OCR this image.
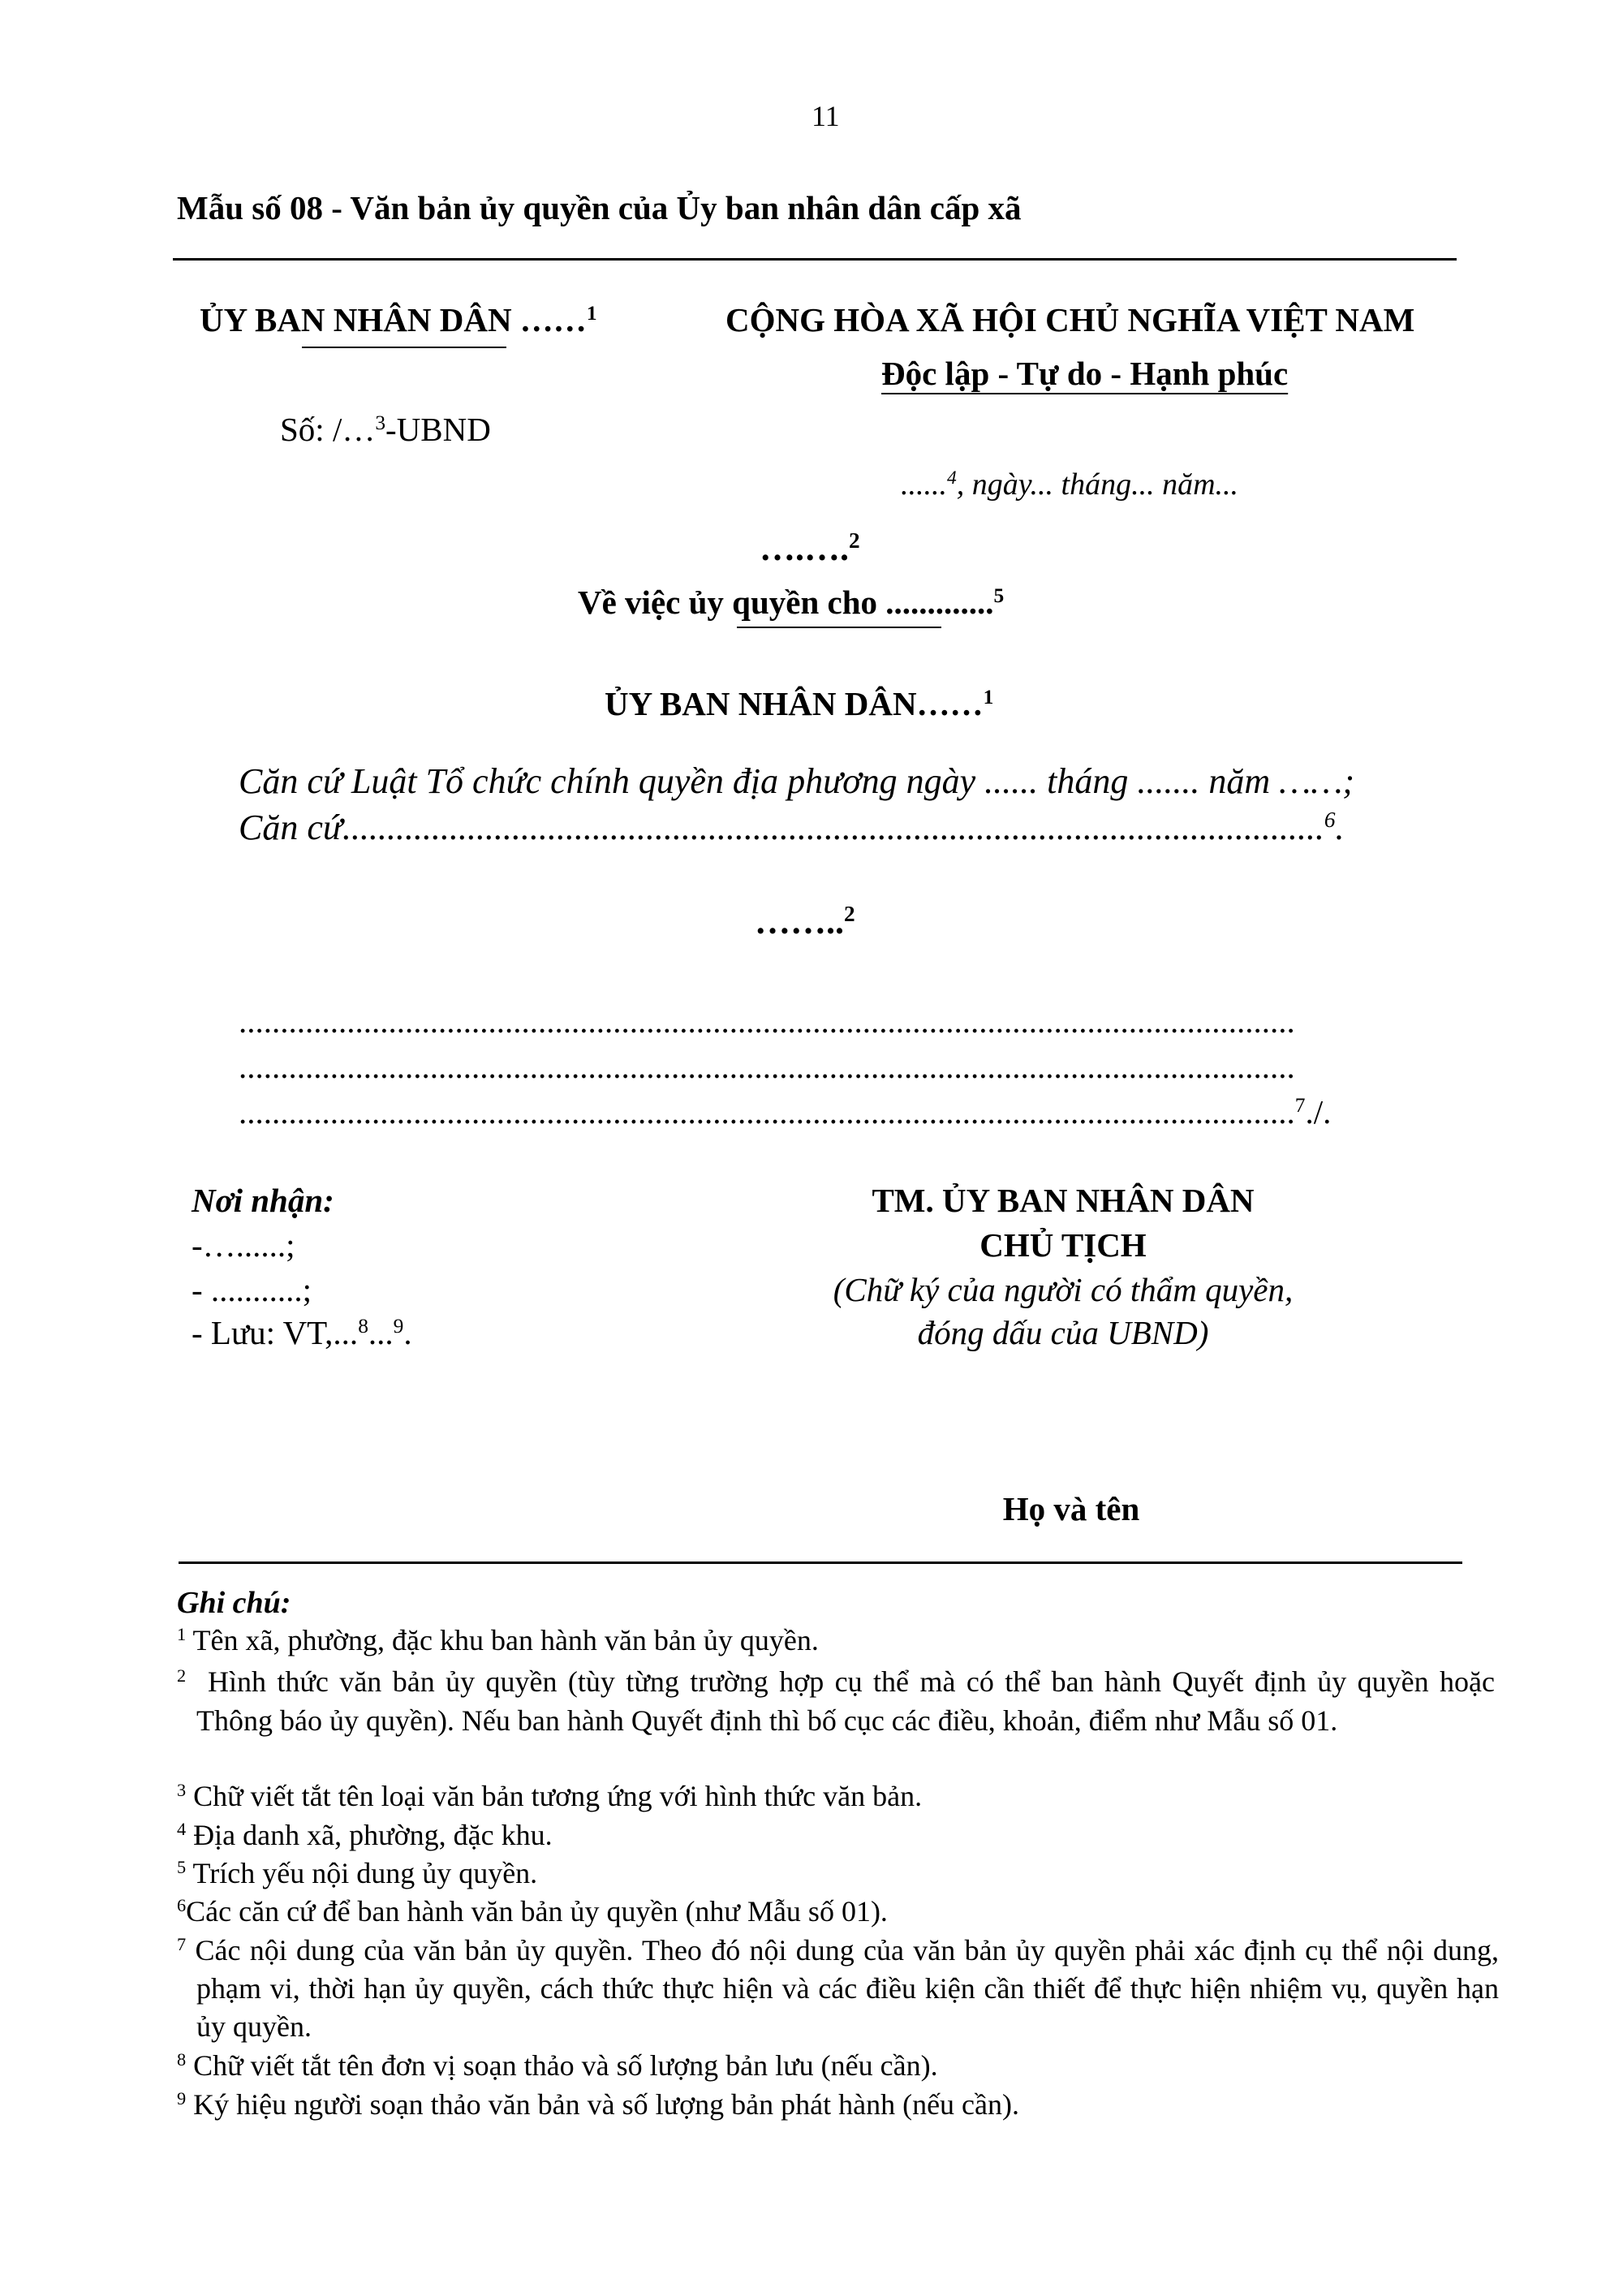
11
Mẫu số 08 - Văn bản ủy quyền của Ủy ban nhân dân cấp xã
ỦY BAN NHÂN DÂN ……$^1$	CỘNG HÒA XÃ HỘI CHỦ NGHĨA VIỆT NAM
Độc lập - Tự do - Hạnh phúc
Số: /…$^3$-UBND
......$^4$, ngày... tháng... năm...
….….$^2$
Về việc ủy quyền cho .............$^5$
ỦY BAN NHÂN DÂN……$^1$
Căn cứ Luật Tổ chức chính quyền địa phương ngày ...... tháng ....... năm ……;
Căn cứ..............................................................................................................$^6$.
……..$^2$
...............................................................................................................................
...............................................................................................................................
...............................................................................................................................$^7$./.
Nơi nhận:
-…......;
- ...........;
- Lưu: VT,...$^8$...$^9$.
TM. ỦY BAN NHÂN DÂN
CHỦ TỊCH
(Chữ ký của người có thẩm quyền,
đóng dấu của UBND)
Họ và tên
Ghi chú:
$^1$ Tên xã, phường, đặc khu ban hành văn bản ủy quyền.
$^2$ Hình thức văn bản ủy quyền (tùy từng trường hợp cụ thể mà có thể ban hành Quyết định ủy quyền hoặc Thông báo ủy quyền). Nếu ban hành Quyết định thì bố cục các điều, khoản, điểm như Mẫu số 01.
$^3$ Chữ viết tắt tên loại văn bản tương ứng với hình thức văn bản.
$^4$ Địa danh xã, phường, đặc khu.
$^5$ Trích yếu nội dung ủy quyền.
$^6$Các căn cứ để ban hành văn bản ủy quyền (như Mẫu số 01).
$^7$ Các nội dung của văn bản ủy quyền. Theo đó nội dung của văn bản ủy quyền phải xác định cụ thể nội dung, phạm vi, thời hạn ủy quyền, cách thức thực hiện và các điều kiện cần thiết để thực hiện nhiệm vụ, quyền hạn ủy quyền.
$^8$ Chữ viết tắt tên đơn vị soạn thảo và số lượng bản lưu (nếu cần).
$^9$ Ký hiệu người soạn thảo văn bản và số lượng bản phát hành (nếu cần).
